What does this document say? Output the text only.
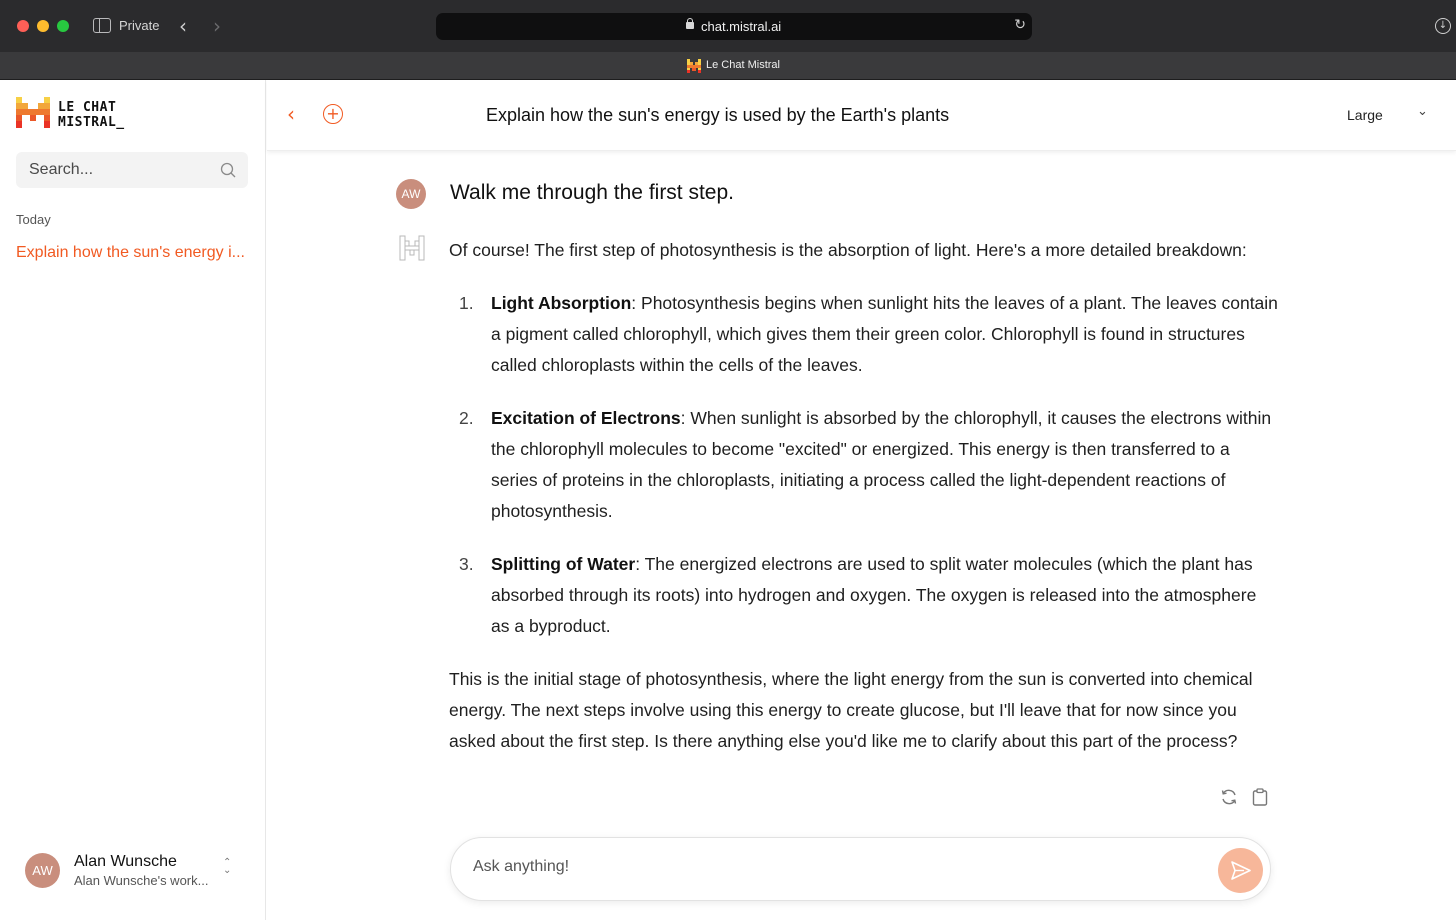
Private ‹ ›	chat.mistral.ai	↻	↓
Le Chat Mistral
LE CHAT
MISTRAL_
Search...
Today
Explain how the sun's energy i...
AW
Alan Wunsche
Alan Wunsche's work...
⌃
⌄
‹ +	Explain how the sun's energy is used by the Earth's plants	Large	⌄
AW Walk me through the first step.

Of course! The first step of photosynthesis is the absorption of light. Here's a more detailed breakdown:

1. Light Absorption: Photosynthesis begins when sunlight hits the leaves of a plant. The leaves contain a pigment called chlorophyll, which gives them their green color. Chlorophyll is found in structures called chloroplasts within the cells of the leaves.
2. Excitation of Electrons: When sunlight is absorbed by the chlorophyll, it causes the electrons within the chlorophyll molecules to become "excited" or energized. This energy is then transferred to a series of proteins in the chloroplasts, initiating a process called the light-dependent reactions of photosynthesis.
3. Splitting of Water: The energized electrons are used to split water molecules (which the plant has absorbed through its roots) into hydrogen and oxygen. The oxygen is released into the atmosphere as a byproduct.

This is the initial stage of photosynthesis, where the light energy from the sun is converted into chemical energy. The next steps involve using this energy to create glucose, but I'll leave that for now since you asked about the first step. Is there anything else you'd like me to clarify about this part of the process?

Ask anything!
